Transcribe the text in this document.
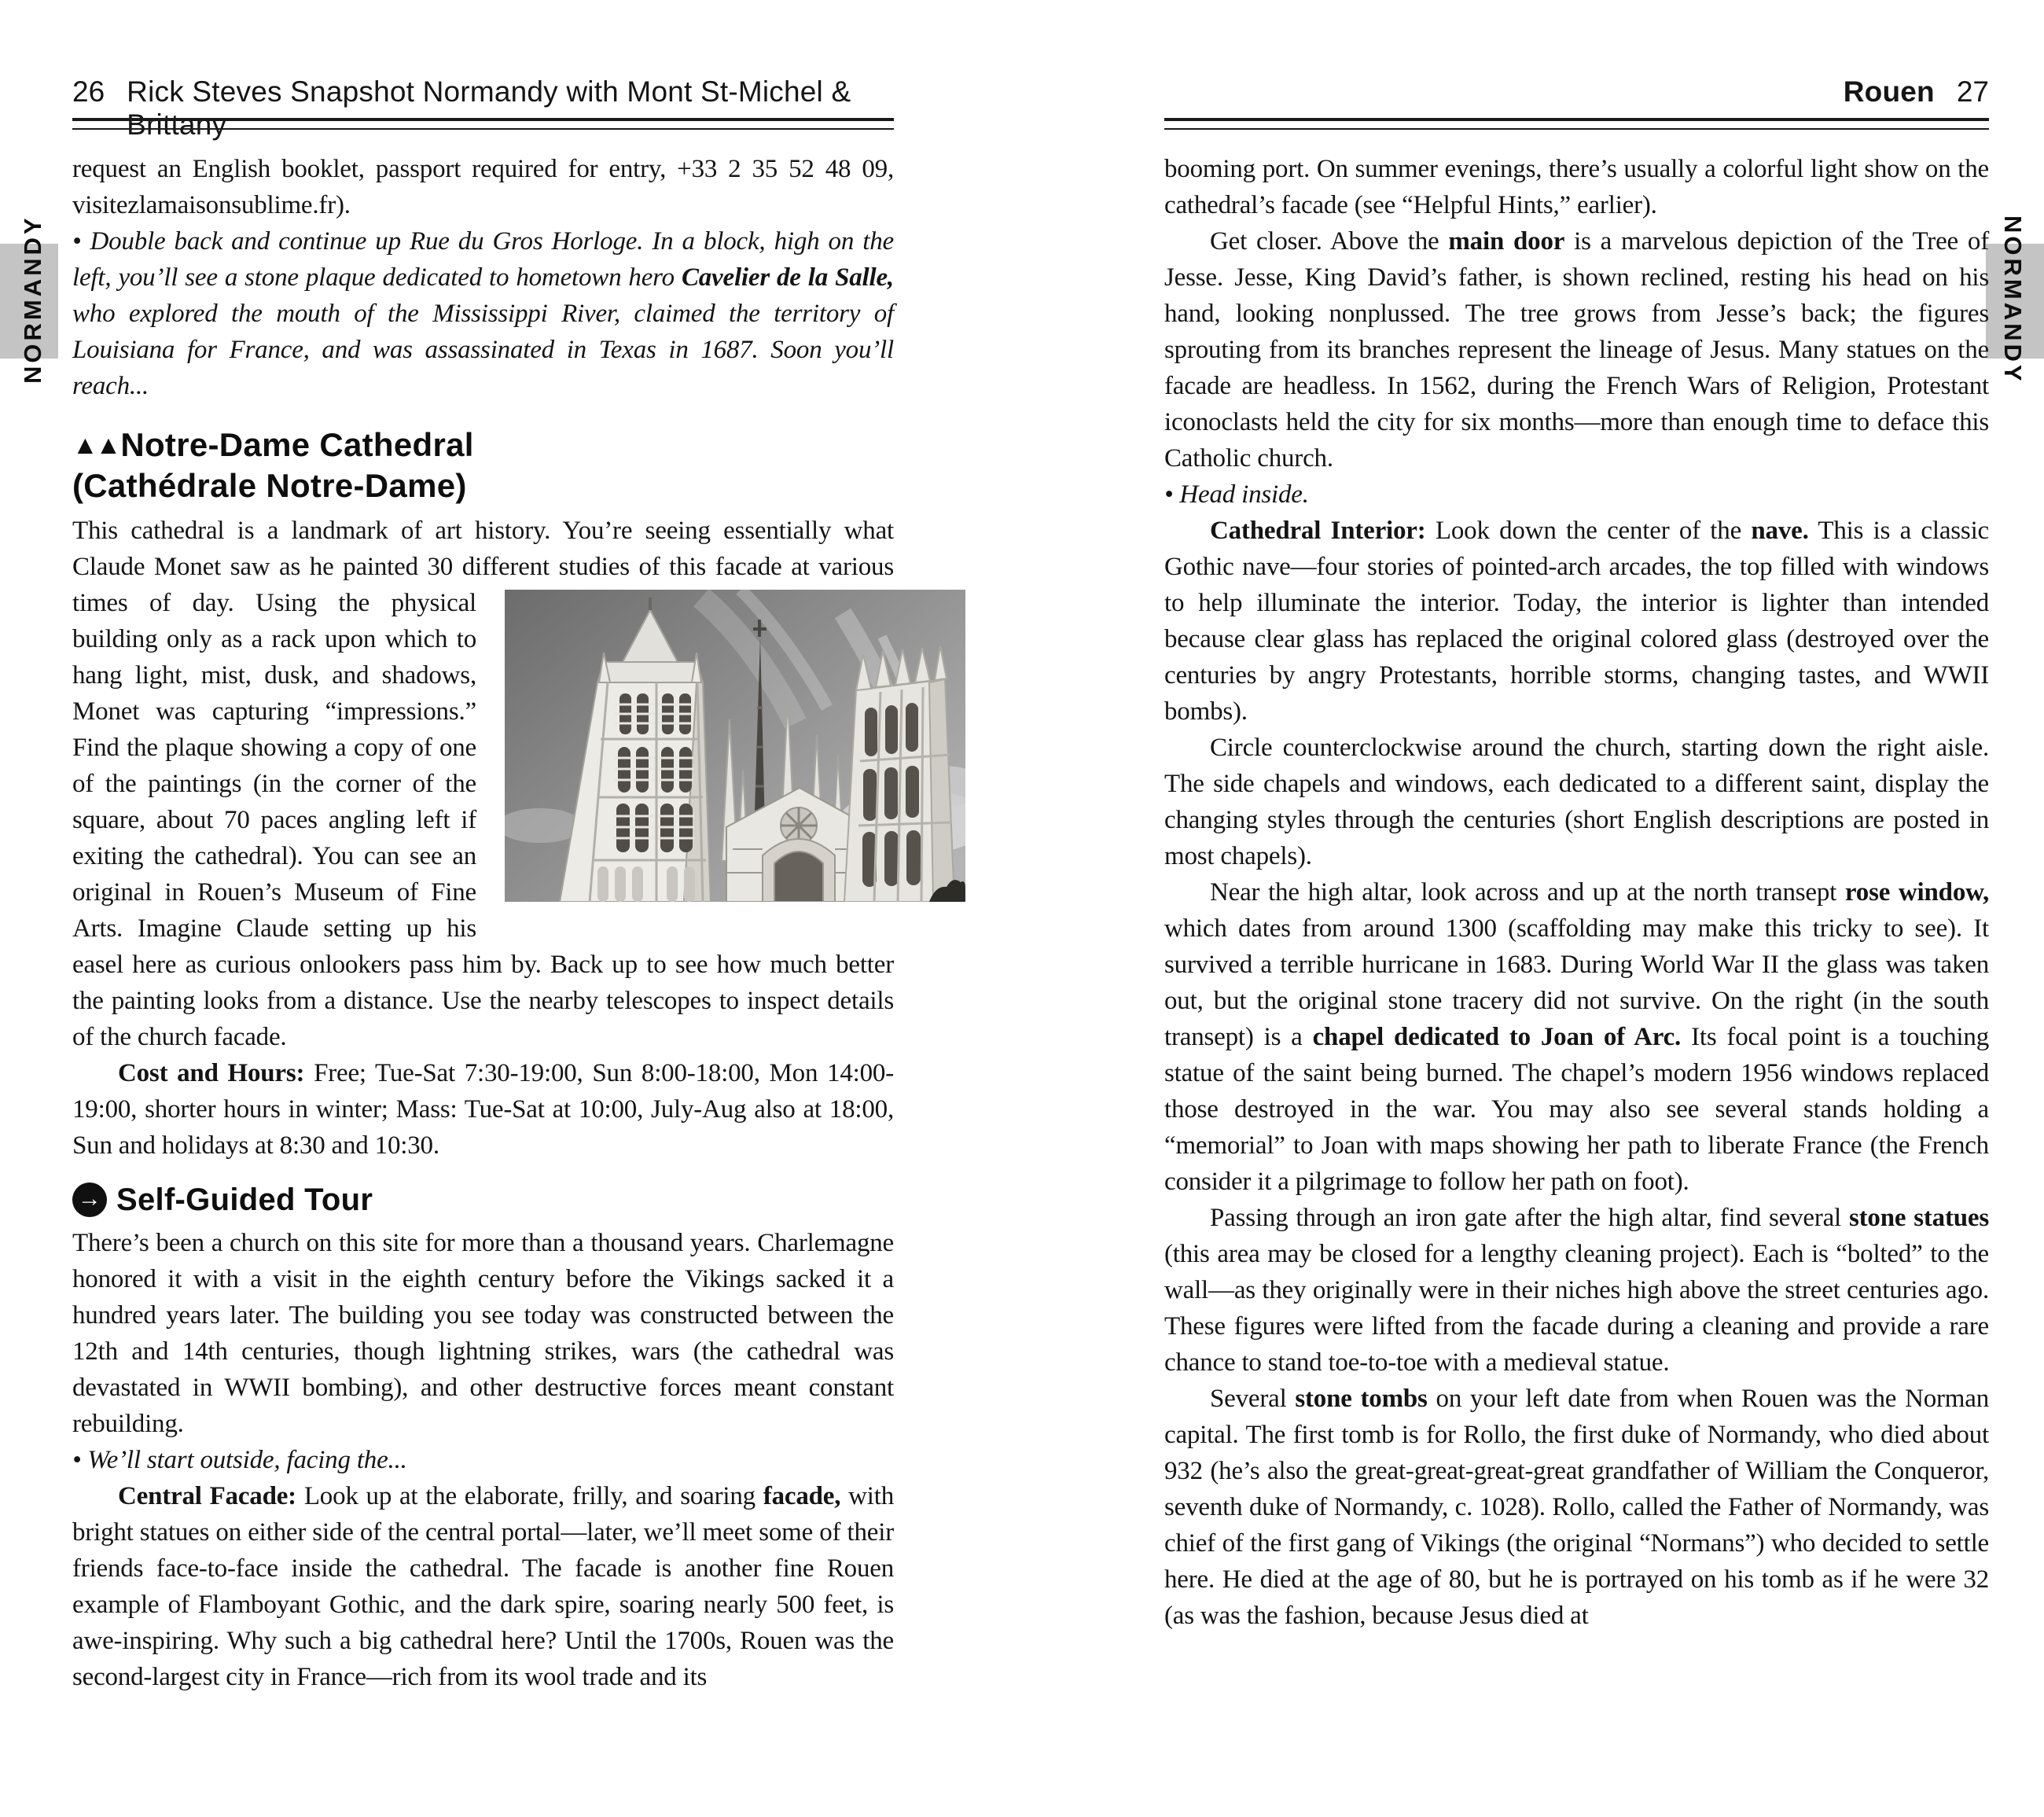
26 Rick Steves Snapshot Normandy with Mont St-Michel & Brittany
Rouen 27
NORMANDY	NORMANDY

request an English booklet, passport required for entry, +33 2 35 52 48 09, visitezlamaisonsublime.fr).

• Double back and continue up Rue du Gros Horloge. In a block, high on the left, you’ll see a stone plaque dedicated to hometown hero Cavelier de la Salle, who explored the mouth of the Mississippi River, claimed the territory of Louisiana for France, and was assassinated in Texas in 1687. Soon you’ll reach...

▲▲Notre-Dame Cathedral
(Cathédrale Notre-Dame)

This cathedral is a landmark of art history. You’re seeing essentially what Claude Monet saw as he painted 30 different studies of this
facade at various times of day. Using the physical building only as a rack upon which to hang light, mist, dusk, and shadows, Monet was capturing “impressions.” Find the plaque showing a copy of one of the paintings (in the corner of the square, about 70 paces angling left if exiting the cathedral). You can see an original in Rouen’s Museum of Fine Arts. Imagine Claude setting up his easel here as curious onlookers pass him by. Back up to see how much better the painting looks from a distance. Use the nearby telescopes to inspect details of the church facade.

Cost and Hours: Free; Tue-Sat 7:30-19:00, Sun 8:00-18:00, Mon 14:00-19:00, shorter hours in winter; Mass: Tue-Sat at 10:00, July-Aug also at 18:00, Sun and holidays at 8:30 and 10:30.

→ Self-Guided Tour

There’s been a church on this site for more than a thousand years. Charlemagne honored it with a visit in the eighth century before the Vikings sacked it a hundred years later. The building you see today was constructed between the 12th and 14th centuries, though lightning strikes, wars (the cathedral was devastated in WWII bombing), and other destructive forces meant constant rebuilding.

• We’ll start outside, facing the...

Central Facade: Look up at the elaborate, frilly, and soaring facade, with bright statues on either side of the central portal—later, we’ll meet some of their friends face-to-face inside the cathedral. The facade is another fine Rouen example of Flamboyant Gothic, and the dark spire, soaring nearly 500 feet, is awe-inspiring. Why such a big cathedral here? Until the 1700s, Rouen was the second-largest city in France—rich from its wool trade and its

booming port. On summer evenings, there’s usually a colorful light show on the cathedral’s facade (see “Helpful Hints,” earlier).

Get closer. Above the main door is a marvelous depiction of the Tree of Jesse. Jesse, King David’s father, is shown reclined, resting his head on his hand, looking nonplussed. The tree grows from Jesse’s back; the figures sprouting from its branches represent the lineage of Jesus. Many statues on the facade are headless. In 1562, during the French Wars of Religion, Protestant iconoclasts held the city for six months—more than enough time to deface this Catholic church.

• Head inside.

Cathedral Interior: Look down the center of the nave. This is a classic Gothic nave—four stories of pointed-arch arcades, the top filled with windows to help illuminate the interior. Today, the interior is lighter than intended because clear glass has replaced the original colored glass (destroyed over the centuries by angry Protestants, horrible storms, changing tastes, and WWII bombs).

Circle counterclockwise around the church, starting down the right aisle. The side chapels and windows, each dedicated to a different saint, display the changing styles through the centuries (short English descriptions are posted in most chapels).

Near the high altar, look across and up at the north transept rose window, which dates from around 1300 (scaffolding may make this tricky to see). It survived a terrible hurricane in 1683. During World War II the glass was taken out, but the original stone tracery did not survive. On the right (in the south transept) is a chapel dedicated to Joan of Arc. Its focal point is a touching statue of the saint being burned. The chapel’s modern 1956 windows replaced those destroyed in the war. You may also see several stands holding a “memorial” to Joan with maps showing her path to liberate France (the French consider it a pilgrimage to follow her path on foot).

Passing through an iron gate after the high altar, find several stone statues (this area may be closed for a lengthy cleaning project). Each is “bolted” to the wall—as they originally were in their niches high above the street centuries ago. These figures were lifted from the facade during a cleaning and provide a rare chance to stand toe-to-toe with a medieval statue.

Several stone tombs on your left date from when Rouen was the Norman capital. The first tomb is for Rollo, the first duke of Normandy, who died about 932 (he’s also the great-great-great-great grandfather of William the Conqueror, seventh duke of Normandy, c. 1028). Rollo, called the Father of Normandy, was chief of the first gang of Vikings (the original “Normans”) who decided to settle here. He died at the age of 80, but he is portrayed on his tomb as if he were 32 (as was the fashion, because Jesus died at
